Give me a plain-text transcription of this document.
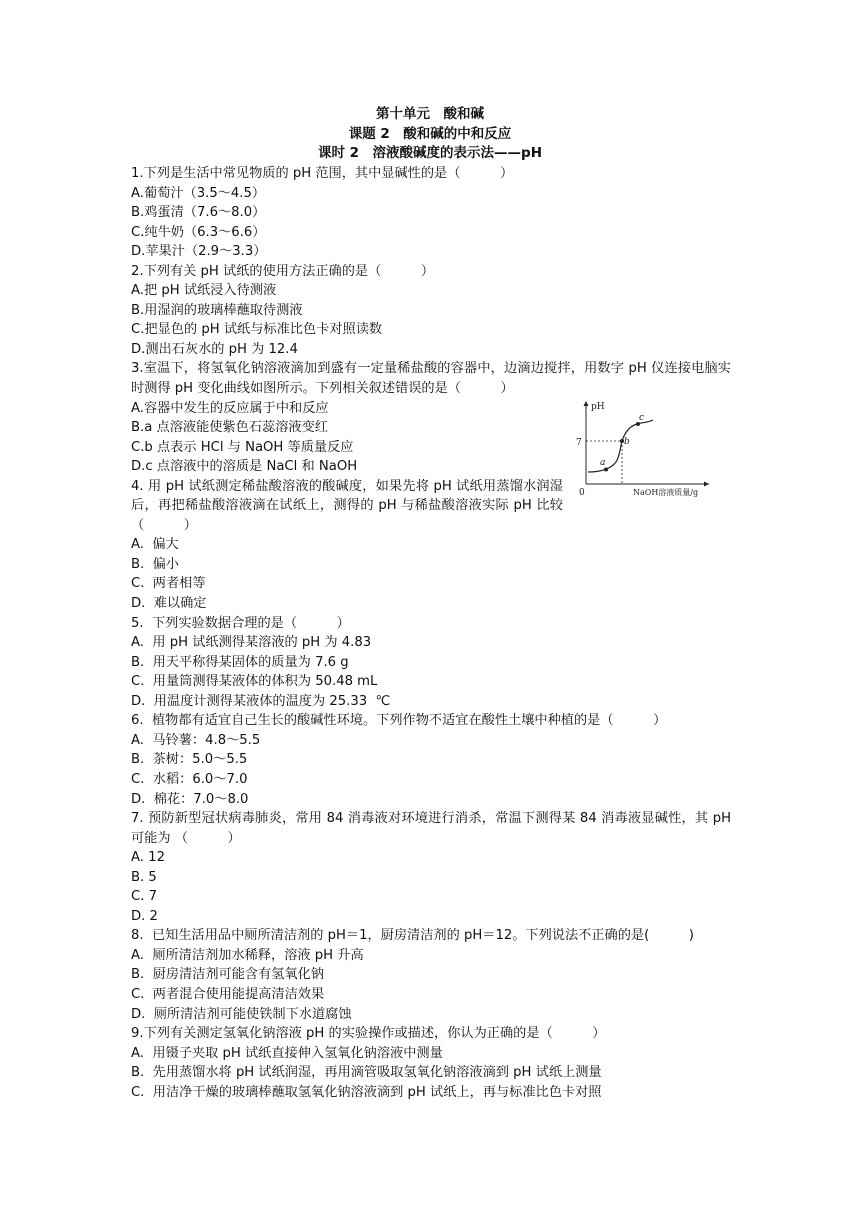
第十单元　酸和碱
课题 2　酸和碱的中和反应
课时 2　溶液酸碱度的表示法——pH
1.下列是生活中常见物质的 pH 范围，其中显碱性的是（　　　）
A.葡萄汁（3.5～4.5）
B.鸡蛋清（7.6～8.0）
C.纯牛奶（6.3～6.6）
D.苹果汁（2.9～3.3）
2.下列有关 pH 试纸的使用方法正确的是（　　　）
A.把 pH 试纸浸入待测液
B.用湿润的玻璃棒蘸取待测液
C.把显色的 pH 试纸与标准比色卡对照读数
D.测出石灰水的 pH 为 12.4
3.室温下，将氢氧化钠溶液滴加到盛有一定量稀盐酸的容器中，边滴边搅拌，用数字 pH 仪连接电脑实时测得 pH 变化曲线如图所示。下列相关叙述错误的是（　　　）
A.容器中发生的反应属于中和反应
B.a 点溶液能使紫色石蕊溶液变红
C.b 点表示 HCl 与 NaOH 等质量反应
D.c 点溶液中的溶质是 NaCl 和 NaOH
4. 用 pH 试纸测定稀盐酸溶液的酸碱度，如果先将 pH 试纸用蒸馏水润湿后，再把稀盐酸溶液滴在试纸上，测得的 pH 与稀盐酸溶液实际 pH 比较（　　　）
A.  偏大
B.  偏小
C.  两者相等
D.  难以确定
5.  下列实验数据合理的是（　　　）
A.  用 pH 试纸测得某溶液的 pH 为 4.83
B.  用天平称得某固体的质量为 7.6 g
C.  用量筒测得某液体的体积为 50.48 mL
D.  用温度计测得某液体的温度为 25.33  ℃
6.  植物都有适宜自己生长的酸碱性环境。下列作物不适宜在酸性土壤中种植的是（　　　）
A.  马铃薯：4.8～5.5
B.  茶树：5.0～5.5
C.  水稻：6.0～7.0
D.  棉花：7.0～8.0
7. 预防新型冠状病毒肺炎，常用 84 消毒液对环境进行消杀，常温下测得某 84 消毒液显碱性，其 pH 可能为 （　　　）
A. 12
B. 5
C. 7
D. 2
8.  已知生活用品中厕所清洁剂的 pH＝1，厨房清洁剂的 pH＝12。下列说法不正确的是(　　　)
A.  厕所清洁剂加水稀释，溶液 pH 升高
B.  厨房清洁剂可能含有氢氧化钠
C.  两者混合使用能提高清洁效果
D.  厕所清洁剂可能使铁制下水道腐蚀
9.下列有关测定氢氧化钠溶液 pH 的实验操作或描述，你认为正确的是（　　　）
A.  用镊子夹取 pH 试纸直接伸入氢氧化钠溶液中测量
B.  先用蒸馏水将 pH 试纸润湿，再用滴管吸取氢氧化钠溶液滴到 pH 试纸上测量
C.  用洁净干燥的玻璃棒蘸取氢氧化钠溶液滴到 pH 试纸上，再与标准比色卡对照
pH
0
7
NaOH溶液质量/g
a
b
c
